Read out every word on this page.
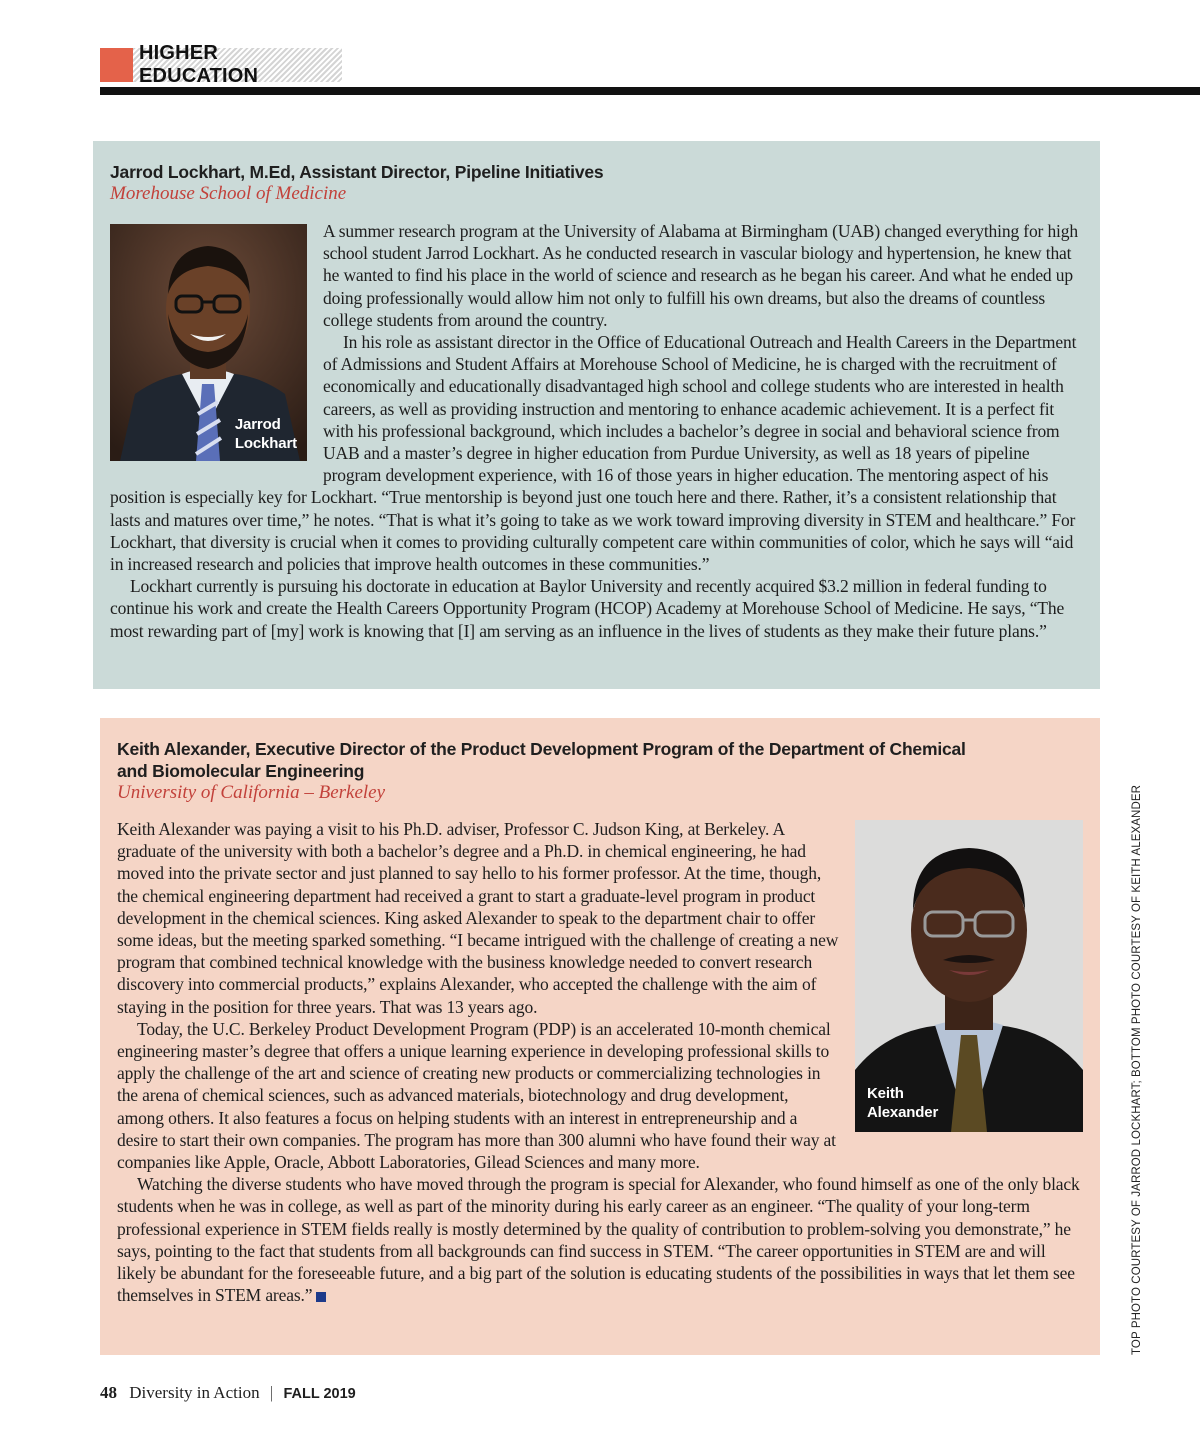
HIGHER EDUCATION
Jarrod Lockhart, M.Ed, Assistant Director, Pipeline Initiatives
Morehouse School of Medicine
Jarrod
Lockhart

A summer research program at the University of Alabama at Birmingham (UAB) changed everything for high school student Jarrod Lockhart. As he conducted research in vascular biology and hypertension, he knew that he wanted to find his place in the world of science and research as he began his career. And what he ended up doing professionally would allow him not only to fulfill his own dreams, but also the dreams of countless college students from around the country.

In his role as assistant director in the Office of Educational Outreach and Health Careers in the Department of Admissions and Student Affairs at Morehouse School of Medicine, he is charged with the recruitment of economically and educationally disadvantaged high school and college students who are interested in health careers, as well as providing instruction and mentoring to enhance academic achievement. It is a perfect fit with his professional background, which includes a bachelor’s degree in social and behavioral science from UAB and a master’s degree in higher education from Purdue University, as well as 18 years of pipeline program development experience, with 16 of those years in higher education. The mentoring aspect of his position is especially key for Lockhart. “True mentorship is beyond just one touch here and there. Rather, it’s a consistent relationship that lasts and matures over time,” he notes. “That is what it’s going to take as we work toward improving diversity in STEM and healthcare.” For Lockhart, that diversity is crucial when it comes to providing culturally competent care within communities of color, which he says will “aid in increased research and policies that improve health outcomes in these communities.”

Lockhart currently is pursuing his doctorate in education at Baylor University and recently acquired $3.2 million in federal funding to continue his work and create the Health Careers Opportunity Program (HCOP) Academy at Morehouse School of Medicine. He says, “The most rewarding part of [my] work is knowing that [I] am serving as an influence in the lives of students as they make their future plans.”

Keith Alexander, Executive Director of the Product Development Program of the Department of Chemical and Biomolecular Engineering
University of California – Berkeley
Keith
Alexander

Keith Alexander was paying a visit to his Ph.D. adviser, Professor C. Judson King, at Berkeley. A graduate of the university with both a bachelor’s degree and a Ph.D. in chemical engineering, he had moved into the private sector and just planned to say hello to his former professor. At the time, though, the chemical engineering department had received a grant to start a graduate-level program in product development in the chemical sciences. King asked Alexander to speak to the department chair to offer some ideas, but the meeting sparked something. “I became intrigued with the challenge of creating a new program that combined technical knowledge with the business knowledge needed to convert research discovery into commercial products,” explains Alexander, who accepted the challenge with the aim of staying in the position for three years. That was 13 years ago.

Today, the U.C. Berkeley Product Development Program (PDP) is an accelerated 10-month chemical engineering master’s degree that offers a unique learning experience in developing professional skills to apply the challenge of the art and science of creating new products or commercializing technologies in the arena of chemical sciences, such as advanced materials, biotechnology and drug development, among others. It also features a focus on helping students with an interest in entrepreneurship and a desire to start their own companies. The program has more than 300 alumni who have found their way at companies like Apple, Oracle, Abbott Laboratories, Gilead Sciences and many more.

Watching the diverse students who have moved through the program is special for Alexander, who found himself as one of the only black students when he was in college, as well as part of the minority during his early career as an engineer. “The quality of your long-term professional experience in STEM fields really is mostly determined by the quality of contribution to problem-solving you demonstrate,” he says, pointing to the fact that students from all backgrounds can find success in STEM. “The career opportunities in STEM are and will likely be abundant for the foreseeable future, and a big part of the solution is educating students of the possibilities in ways that let them see themselves in STEM areas.”	TOP PHOTO COURTESY OF JARROD LOCKHART; BOTTOM PHOTO COURTESY OF KEITH ALEXANDER
48 Diversity in Action | FALL 2019
